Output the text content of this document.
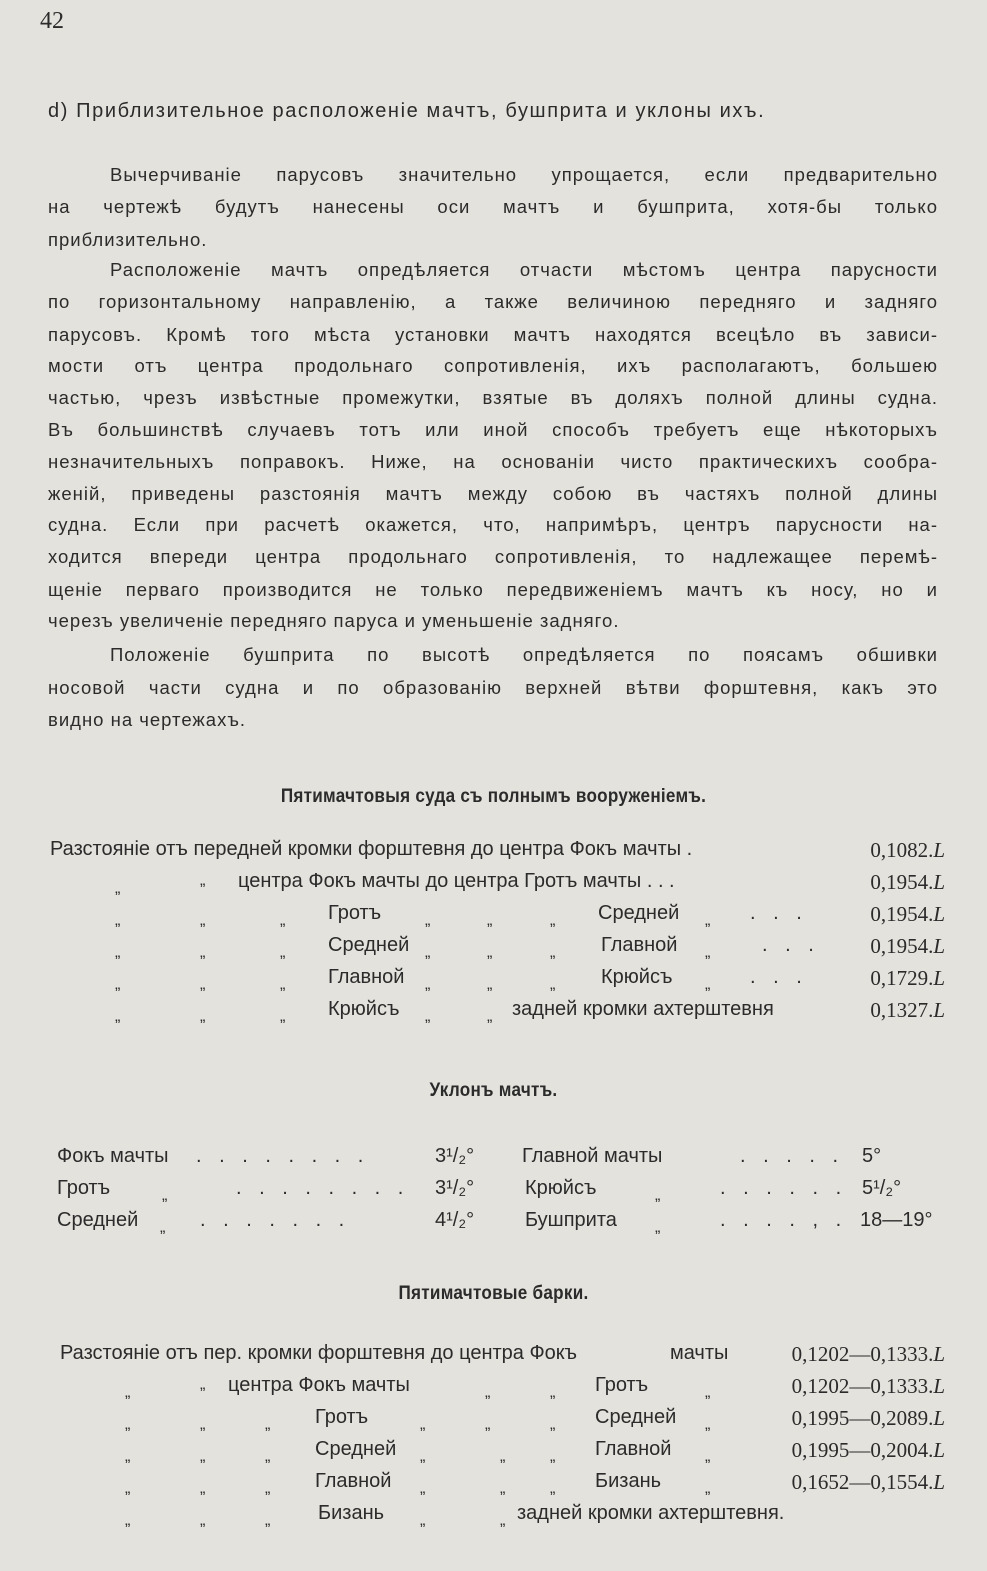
42
d) Приблизительное расположеніе мачтъ, бушприта и уклоны ихъ.
Вычерчиваніе парусовъ значительно упрощается, если предварительно
на чертежѣ будутъ нанесены оси мачтъ и бушприта, хотя-бы только
приблизительно.
Расположеніе мачтъ опредѣляется отчасти мѣстомъ центра парусности
по горизонтальному направленію, а также величиною передняго и задняго
парусовъ. Кромѣ того мѣста установки мачтъ находятся всецѣло въ зависи-
мости отъ центра продольнаго сопротивленія, ихъ располагаютъ, большею
частью, чрезъ извѣстные промежутки, взятые въ доляхъ полной длины судна.
Въ большинствѣ случаевъ тотъ или иной способъ требуетъ еще нѣкоторыхъ
незначительныхъ поправокъ. Ниже, на основаніи чисто практическихъ сообра-
женій, приведены разстоянія мачтъ между собою въ частяхъ полной длины
судна. Если при расчетѣ окажется, что, напримѣръ, центръ парусности на-
ходится впереди центра продольнаго сопротивленія, то надлежащее перемѣ-
щеніе перваго производится не только передвиженіемъ мачтъ къ носу, но и
черезъ увеличеніе передняго паруса и уменьшеніе задняго.
Положеніе бушприта по высотѣ опредѣляется по поясамъ обшивки
носовой части судна и по образованію верхней вѣтви форштевня, какъ это
видно на чертежахъ.
Пятимачтовыя суда съ полнымъ вооруженіемъ.
Разстояніе отъ передней кромки форштевня до центра Фокъ мачты .	0,1082.L
„	„ центра Фокъ мачты до центра Гротъ мачты . . .	0,1954.L
„	„	„ Гротъ	„	„	„ Средней „ . . .	0,1954.L
„	„	„ Средней „	„	„ Главной „	. . . 0,1954.L
„	„	„ Главной „	„	„ Крюйсъ „ . . .	0,1729.L
„	„	„ Крюйсъ „	„ задней кромки ахтерштевня	0,1327.L
Уклонъ мачтъ.
Фокъ мачты . . . . . . . .	3¹/₂° Главной мачты	. . . . . 5°
Гротъ	„	. . . . . . . . 3¹/₂°	Крюйсъ	„	. . . . . . 5¹/₂°
Средней „ . . . . . . .	4¹/₂°	Бушприта „	. . . . , . 18—19°
Пятимачтовые барки.
Разстояніе отъ пер. кромки форштевня до центра Фокъ	мачты	0,1202—0,1333.L
„	„ центра Фокъ мачты	„	„ Гротъ	„	0,1202—0,1333.L
„	„	„ Гротъ	„	„	„ Средней „	0,1995—0,2089.L
„	„	„ Средней „	„	„ Главной „	0,1995—0,2004.L
„	„	„ Главной „	„	„ Бизань	„	0,1652—0,1554.L
„	„	„ Бизань „	„ задней кромки ахтерштевня.
